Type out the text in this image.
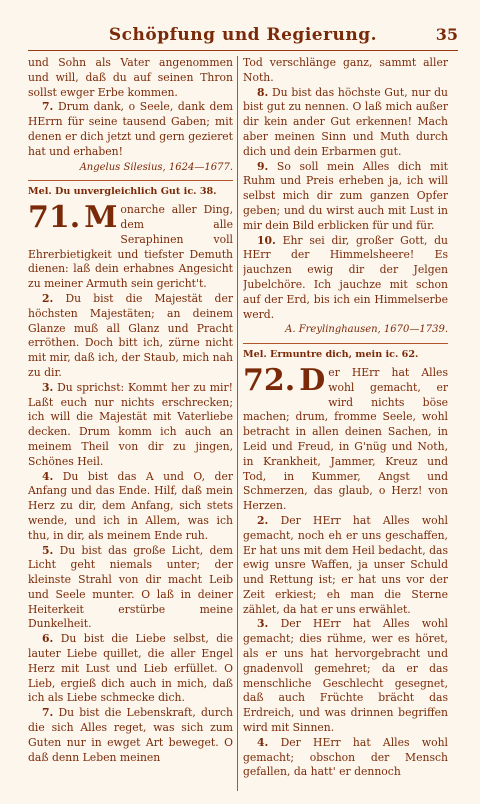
Schöpfung und Regierung.	35

und Sohn als Vater angenommen und will, daß du auf seinen Thron sollst ewger Erbe kommen.

7. Drum dank, o Seele, dank dem HErrn für seine tausend Gaben; mit denen er dich jetzt und gern gezieret hat und erhaben!

Angelus Silesius, 1624—1677.

Mel. Du unvergleichlich Gut ic. 38.

71. M onarche aller Ding, dem alle Seraphinen voll Ehrerbietigkeit und tiefster Demuth dienen: laß dein erhabnes Angesicht zu meiner Armuth sein gericht't.

2. Du bist die Majestät der höchsten Majestäten; an deinem Glanze muß all Glanz und Pracht erröthen. Doch bitt ich, zürne nicht mit mir, daß ich, der Staub, mich nah zu dir.

3. Du sprichst: Kommt her zu mir! Laßt euch nur nichts erschrecken; ich will die Majestät mit Vaterliebe decken. Drum komm ich auch an meinem Theil von dir zu jingen, Schönes Heil.

4. Du bist das A und O, der Anfang und das Ende. Hilf, daß mein Herz zu dir, dem Anfang, sich stets wende, und ich in Allem, was ich thu, in dir, als meinem Ende ruh.

5. Du bist das große Licht, dem Licht geht niemals unter; der kleinste Strahl von dir macht Leib und Seele munter. O laß in deiner Heiterkeit erstürbe meine Dunkelheit.

6. Du bist die Liebe selbst, die lauter Liebe quillet, die aller Engel Herz mit Lust und Lieb erfüllet. O Lieb, ergieß dich auch in mich, daß ich als Liebe schmecke dich.

7. Du bist die Lebenskraft, durch die sich Alles reget, was sich zum Guten nur in ewget Art beweget. O daß denn Leben meinen

Tod verschlänge ganz, sammt aller Noth.

8. Du bist das höchste Gut, nur du bist gut zu nennen. O laß mich außer dir kein ander Gut erkennen! Mach aber meinen Sinn und Muth durch dich und dein Erbarmen gut.

9. So soll mein Alles dich mit Ruhm und Preis erheben ja, ich will selbst mich dir zum ganzen Opfer geben; und du wirst auch mit Lust in mir dein Bild erblicken für und für.

10. Ehr sei dir, großer Gott, du HErr der Himmelsheere! Es jauchzen ewig dir der Jelgen Jubelchöre. Ich jauchze mit schon auf der Erd, bis ich ein Himmelserbe werd.

A. Freylinghausen, 1670—1739.

Mel. Ermuntre dich, mein ic. 62.

72. D er HErr hat Alles wohl gemacht, er wird nichts böse machen; drum, fromme Seele, wohl betracht in allen deinen Sachen, in Leid und Freud, in G'nüg und Noth, in Krankheit, Jammer, Kreuz und Tod, in Kummer, Angst und Schmerzen, das glaub, o Herz! von Herzen.

2. Der HErr hat Alles wohl gemacht, noch eh er uns geschaffen, Er hat uns mit dem Heil bedacht, das ewig unsre Waffen, ja unser Schuld und Rettung ist; er hat uns vor der Zeit erkiest; eh man die Sterne zählet, da hat er uns erwählet.

3. Der HErr hat Alles wohl gemacht; dies rühme, wer es höret, als er uns hat hervorgebracht und gnadenvoll gemehret; da er das menschliche Geschlecht gesegnet, daß auch Früchte brächt das Erdreich, und was drinnen begriffen wird mit Sinnen.

4. Der HErr hat Alles wohl gemacht; obschon der Mensch gefallen, da hatt' er dennoch
